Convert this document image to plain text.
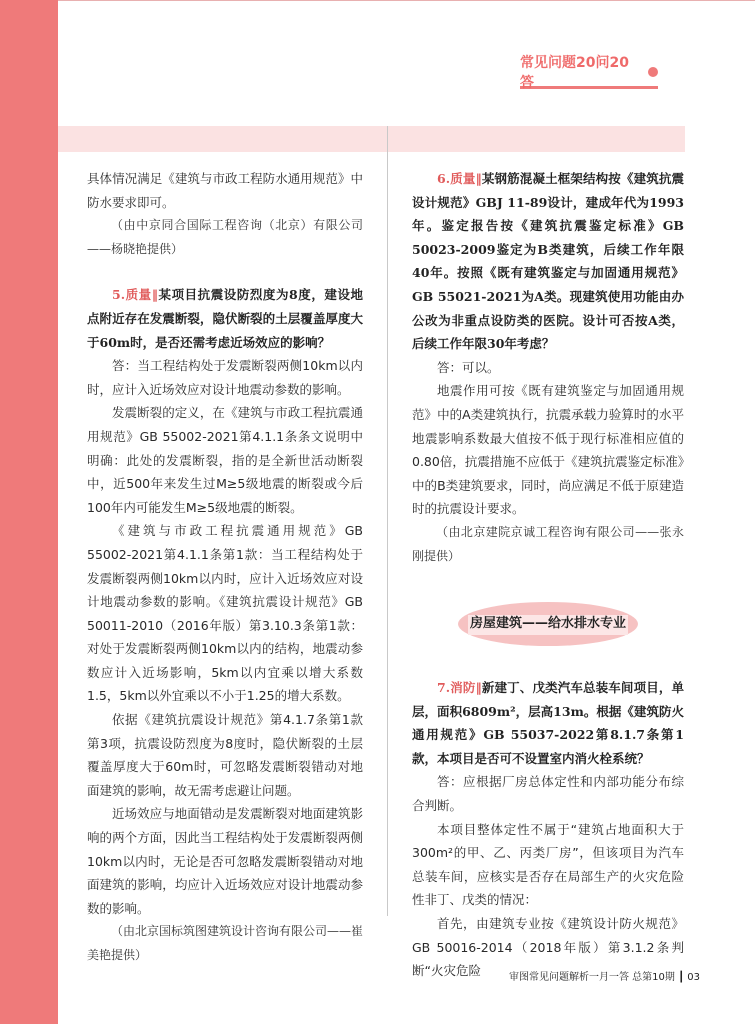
常见问题20问20答

具体情况满足《建筑与市政工程防水通用规范》中防水要求即可。

（由中京同合国际工程咨询（北京）有限公司——杨晓艳提供）

5.质量‖某项目抗震设防烈度为8度，建设地点附近存在发震断裂，隐伏断裂的土层覆盖厚度大于60m时，是否还需考虑近场效应的影响？

答：当工程结构处于发震断裂两侧10km以内时，应计入近场效应对设计地震动参数的影响。

发震断裂的定义，在《建筑与市政工程抗震通用规范》GB 55002-2021第4.1.1条条文说明中明确：此处的发震断裂，指的是全新世活动断裂中，近500年来发生过M≥5级地震的断裂或今后100年内可能发生M≥5级地震的断裂。

《建筑与市政工程抗震通用规范》GB 55002-2021第4.1.1条第1款：当工程结构处于发震断裂两侧10km以内时，应计入近场效应对设计地震动参数的影响。《建筑抗震设计规范》GB 50011-2010（2016年版）第3.10.3条第1款：对处于发震断裂两侧10km以内的结构，地震动参数应计入近场影响，5km以内宜乘以增大系数1.5，5km以外宜乘以不小于1.25的增大系数。

依据《建筑抗震设计规范》第4.1.7条第1款第3项，抗震设防烈度为8度时，隐伏断裂的土层覆盖厚度大于60m时，可忽略发震断裂错动对地面建筑的影响，故无需考虑避让问题。

近场效应与地面错动是发震断裂对地面建筑影响的两个方面，因此当工程结构处于发震断裂两侧10km以内时，无论是否可忽略发震断裂错动对地面建筑的影响，均应计入近场效应对设计地震动参数的影响。

（由北京国标筑图建筑设计咨询有限公司——崔美艳提供）

6.质量‖某钢筋混凝土框架结构按《建筑抗震设计规范》GBJ 11-89设计，建成年代为1993年。鉴定报告按《建筑抗震鉴定标准》GB 50023-2009鉴定为B类建筑，后续工作年限40年。按照《既有建筑鉴定与加固通用规范》GB 55021-2021为A类。现建筑使用功能由办公改为非重点设防类的医院。设计可否按A类，后续工作年限30年考虑？

答：可以。

地震作用可按《既有建筑鉴定与加固通用规范》中的A类建筑执行，抗震承载力验算时的水平地震影响系数最大值按不低于现行标准相应值的0.80倍，抗震措施不应低于《建筑抗震鉴定标准》中的B类建筑要求，同时，尚应满足不低于原建造时的抗震设计要求。

（由北京建院京诚工程咨询有限公司——张永刚提供）

房屋建筑——给水排水专业

7.消防‖新建丁、戊类汽车总装车间项目，单层，面积6809m²，层高13m。根据《建筑防火通用规范》GB 55037-2022第8.1.7条第1款，本项目是否可不设置室内消火栓系统？

答：应根据厂房总体定性和内部功能分布综合判断。

本项目整体定性不属于“建筑占地面积大于300m²的甲、乙、丙类厂房”，但该项目为汽车总装车间，应核实是否存在局部生产的火灾危险性非丁、戊类的情况：

首先，由建筑专业按《建筑设计防火规范》GB 50016-2014（2018年版）第3.1.2条判断“火灾危险	审图常见问题解析一月一答 总第10期 ┃ 03
